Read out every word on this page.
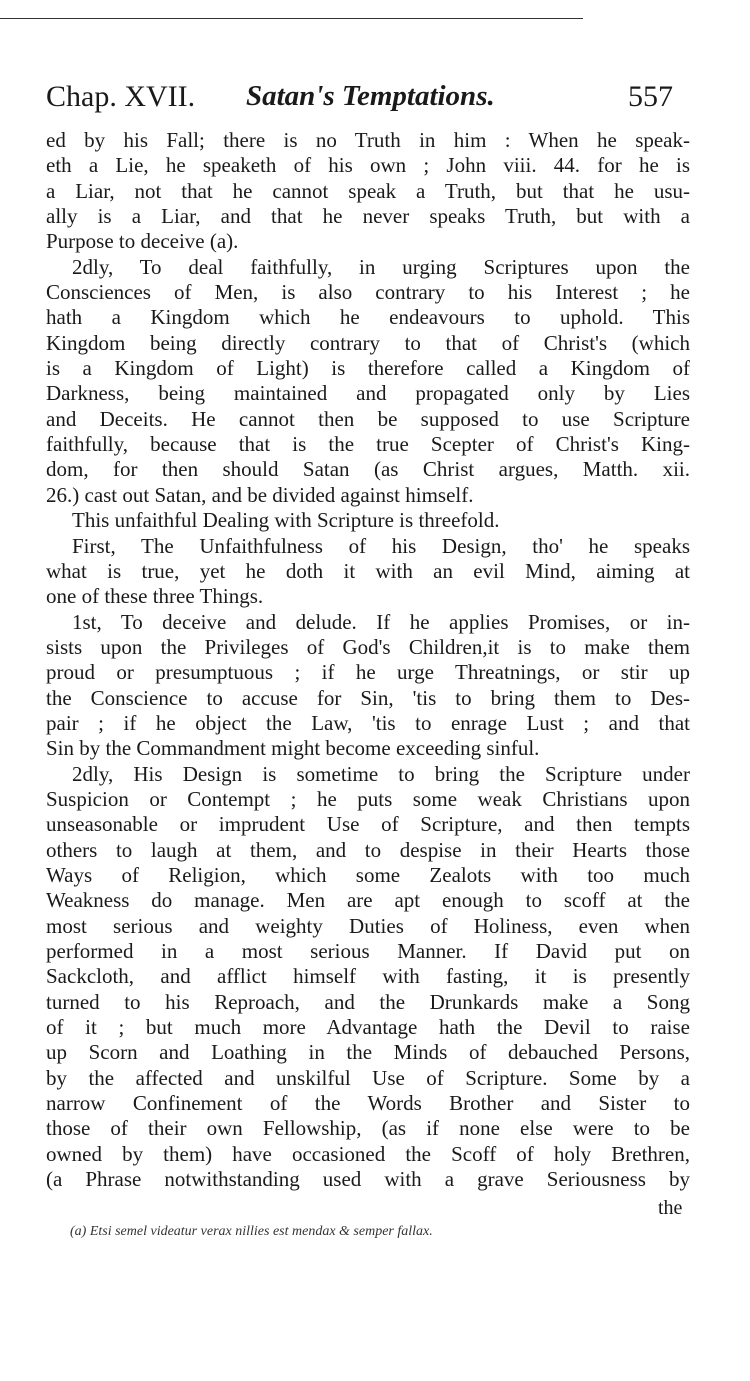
Chap. XVII. Satan's Temptations.	557
ed by his Fall; there is no Truth in him : When he speak-
eth a Lie, he speaketh of his own ; John viii. 44. for he is
a Liar, not that he cannot speak a Truth, but that he usu-
ally is a Liar, and that he never speaks Truth, but with a
Purpose to deceive (a).
2dly, To deal faithfully, in urging Scriptures upon the
Consciences of Men, is also contrary to his Interest ; he
hath a Kingdom which he endeavours to uphold. This
Kingdom being directly contrary to that of Christ's (which
is a Kingdom of Light) is therefore called a Kingdom of
Darkness, being maintained and propagated only by Lies
and Deceits. He cannot then be supposed to use Scripture
faithfully, because that is the true Scepter of Christ's King-
dom, for then should Satan (as Christ argues, Matth. xii.
26.) cast out Satan, and be divided against himself.
This unfaithful Dealing with Scripture is threefold.
First, The Unfaithfulness of his Design, tho' he speaks
what is true, yet he doth it with an evil Mind, aiming at
one of these three Things.
1st, To deceive and delude. If he applies Promises, or in-
sists upon the Privileges of God's Children,it is to make them
proud or presumptuous ; if he urge Threatnings, or stir up
the Conscience to accuse for Sin, 'tis to bring them to Des-
pair ; if he object the Law, 'tis to enrage Lust ; and that
Sin by the Commandment might become exceeding sinful.
2dly, His Design is sometime to bring the Scripture under
Suspicion or Contempt ; he puts some weak Christians upon
unseasonable or imprudent Use of Scripture, and then tempts
others to laugh at them, and to despise in their Hearts those
Ways of Religion, which some Zealots with too much
Weakness do manage. Men are apt enough to scoff at the
most serious and weighty Duties of Holiness, even when
performed in a most serious Manner. If David put on
Sackcloth, and afflict himself with fasting, it is presently
turned to his Reproach, and the Drunkards make a Song
of it ; but much more Advantage hath the Devil to raise
up Scorn and Loathing in the Minds of debauched Persons,
by the affected and unskilful Use of Scripture. Some by a
narrow Confinement of the Words Brother and Sister to
those of their own Fellowship, (as if none else were to be
owned by them) have occasioned the Scoff of holy Brethren,
(a Phrase notwithstanding used with a grave Seriousness by
the
(a) Etsi semel videatur verax nillies est mendax & semper fallax.
